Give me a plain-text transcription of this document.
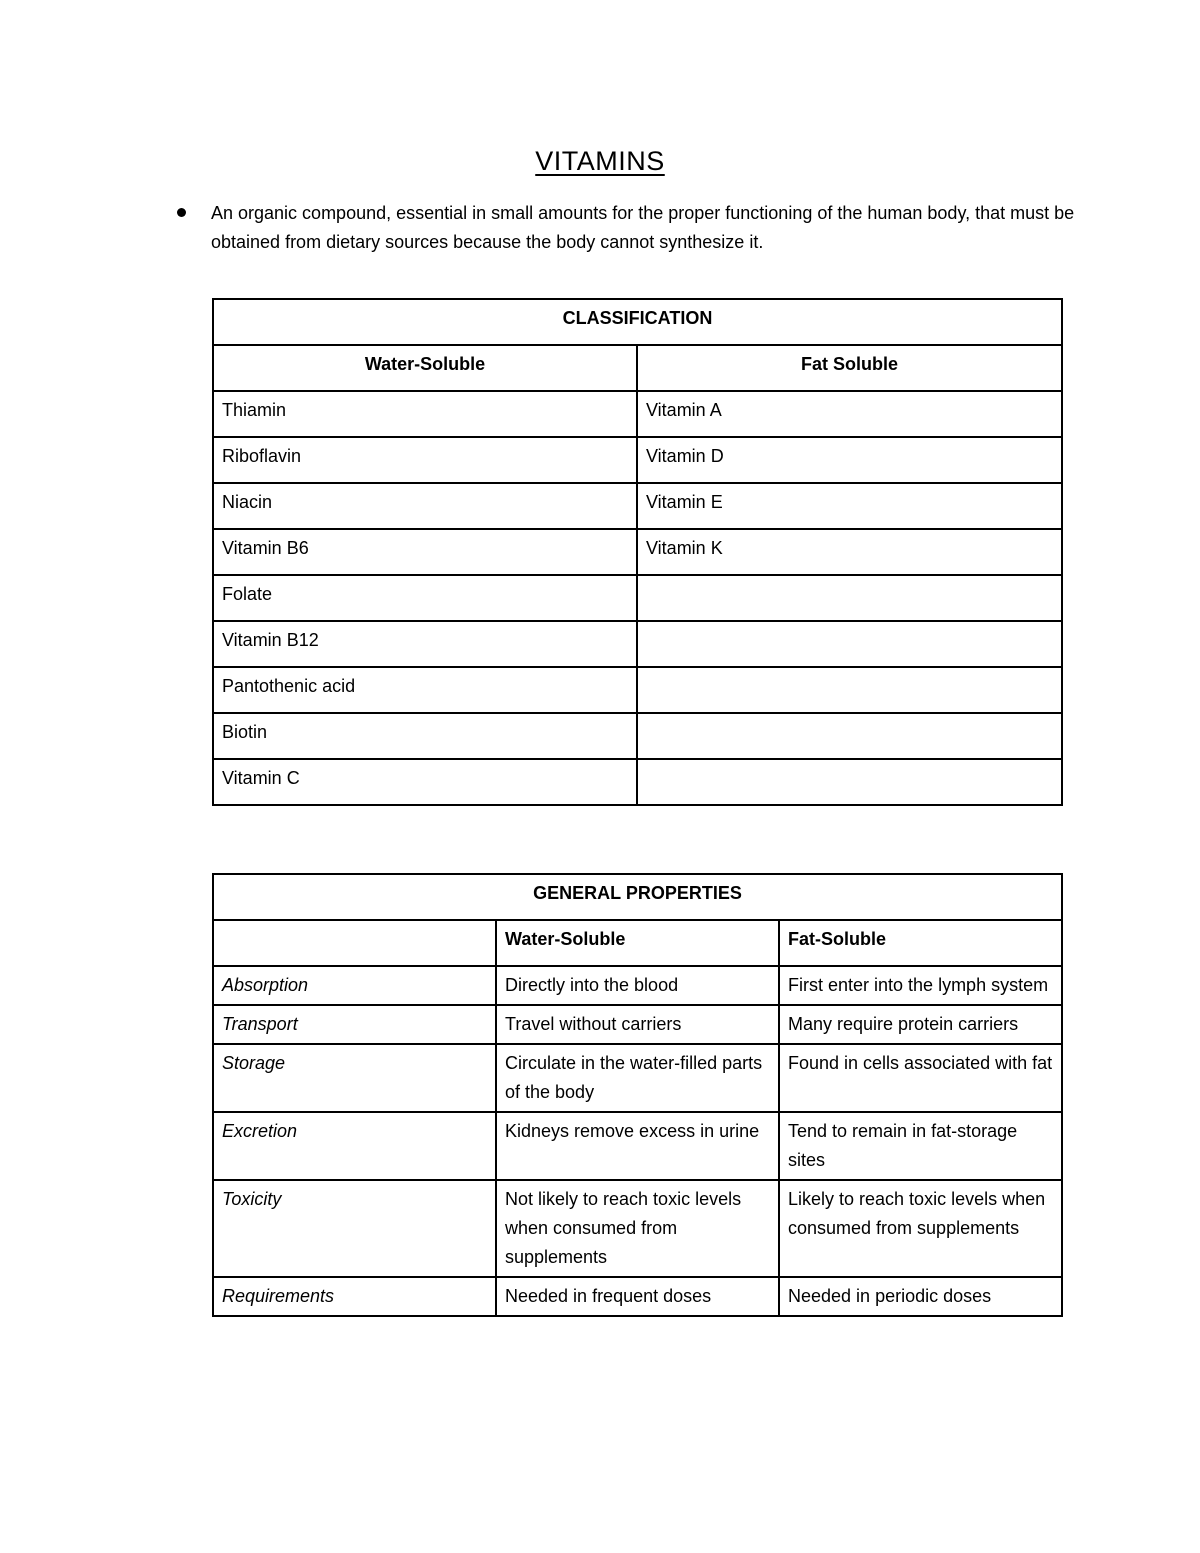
VITAMINS
An organic compound, essential in small amounts for the proper functioning of the human body, that must be obtained from dietary sources because the body cannot synthesize it.
CLASSIFICATION	
Water-Soluble	Fat Soluble
Thiamin	Vitamin A
Riboflavin	Vitamin D
Niacin	Vitamin E
Vitamin B6	Vitamin K
Folate	
Vitamin B12	
Pantothenic acid	
Biotin	
Vitamin C	
GENERAL PROPERTIES		
	Water-Soluble	Fat-Soluble
Absorption	Directly into the blood	First enter into the lymph system
Transport	Travel without carriers	Many require protein carriers
Storage	Circulate in the water-filled parts of the body	Found in cells associated with fat
Excretion	Kidneys remove excess in urine	Tend to remain in fat-storage sites
Toxicity	Not likely to reach toxic levels when consumed from supplements	Likely to reach toxic levels when consumed from supplements
Requirements	Needed in frequent doses	Needed in periodic doses
